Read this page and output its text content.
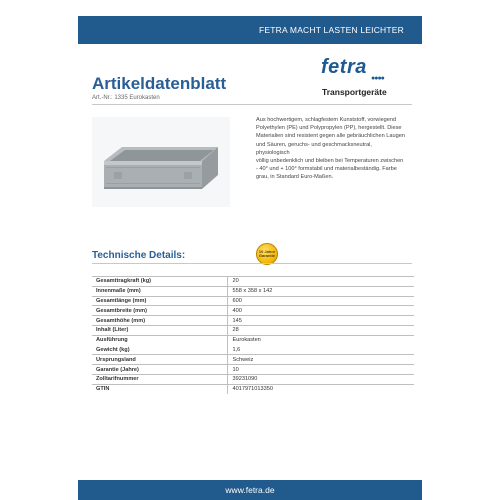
FETRA MACHT LASTEN LEICHTER
Artikeldatenblatt
Art.-Nr.: 1335 Eurokasten
fetra
●●●●
Transportgeräte
Aus hochwertigem, schlagfestem Kunststoff, vorwiegend
Polyethylen (PE) und Polypropylen (PP), hergestellt. Diese
Materialien sind resistent gegen alle gebräuchlichen Laugen
und Säuren, geruchs- und geschmacksneutral, physiologisch
völlig unbedenklich und bleiben bei Temperaturen zwischen
- 40° und + 100° formstabil und materialbeständig. Farbe
grau, in Standard Euro-Maßen.
Technische Details:	10 Jahre Garantie
Gesamttragkraft (kg)	20
Innenmaße (mm)	558 x 358 x 142
Gesamtlänge (mm)	600
Gesamtbreite (mm)	400
Gesamthöhe (mm)	145
Inhalt (Liter)	28
Ausführung	Eurokasten
Gewicht (kg)	1,6
Ursprungsland	Schweiz
Garantie (Jahre)	10
Zolltarifnummer	39231090
GTIN	4017971013350
www.fetra.de
